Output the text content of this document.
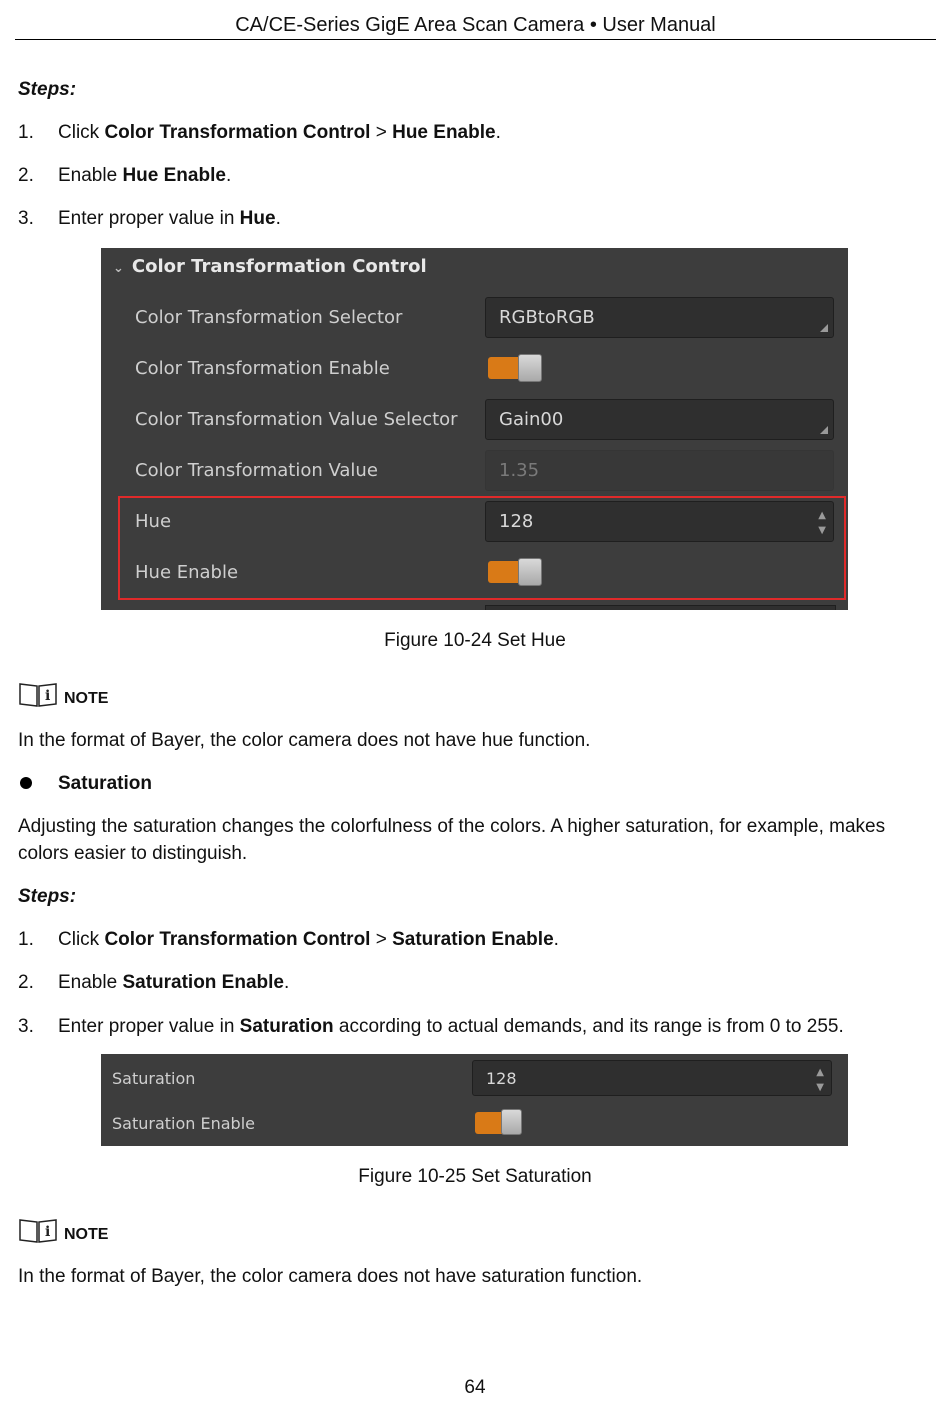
CA/CE-Series GigE Area Scan Camera • User Manual
Steps:
1. Click Color Transformation Control > Hue Enable.
2. Enable Hue Enable.
3. Enter proper value in Hue.
⌄ Color Transformation Control
Color Transformation Selector	RGBtoRGB
Color Transformation Enable
Color Transformation Value Selector Gain00
Color Transformation Value	1.35
Hue	128	▲
▼
Hue Enable
Figure 10-24 Set Hue
i NOTE
In the format of Bayer, the color camera does not have hue function.
Saturation
Adjusting the saturation changes the colorfulness of the colors. A higher saturation, for example, makes colors easier to distinguish.
Steps:
1. Click Color Transformation Control > Saturation Enable.
2. Enable Saturation Enable.
3. Enter proper value in Saturation according to actual demands, and its range is from 0 to 255.
Saturation	128	▲
▼
Saturation Enable
Figure 10-25 Set Saturation
i NOTE
In the format of Bayer, the color camera does not have saturation function.
64
